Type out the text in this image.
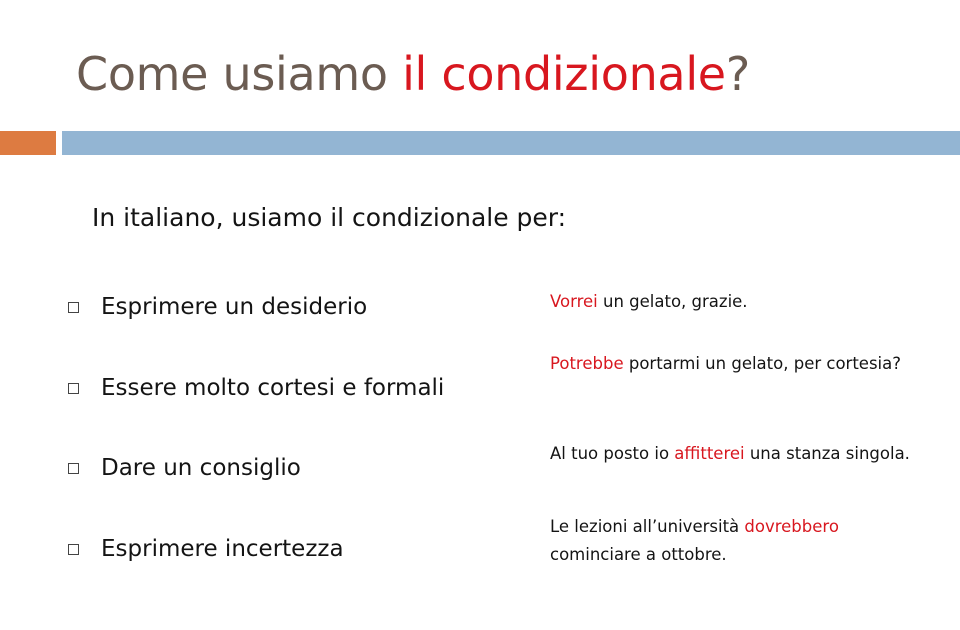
Come usiamo il condizionale?
In italiano, usiamo il condizionale per:
Esprimere un desiderio
Essere molto cortesi e formali
Dare un consiglio
Esprimere incertezza
Vorrei un gelato, grazie.
Potrebbe portarmi un gelato, per cortesia?
Al tuo posto io affitterei una stanza singola.
Le lezioni all’università dovrebbero cominciare a ottobre.
